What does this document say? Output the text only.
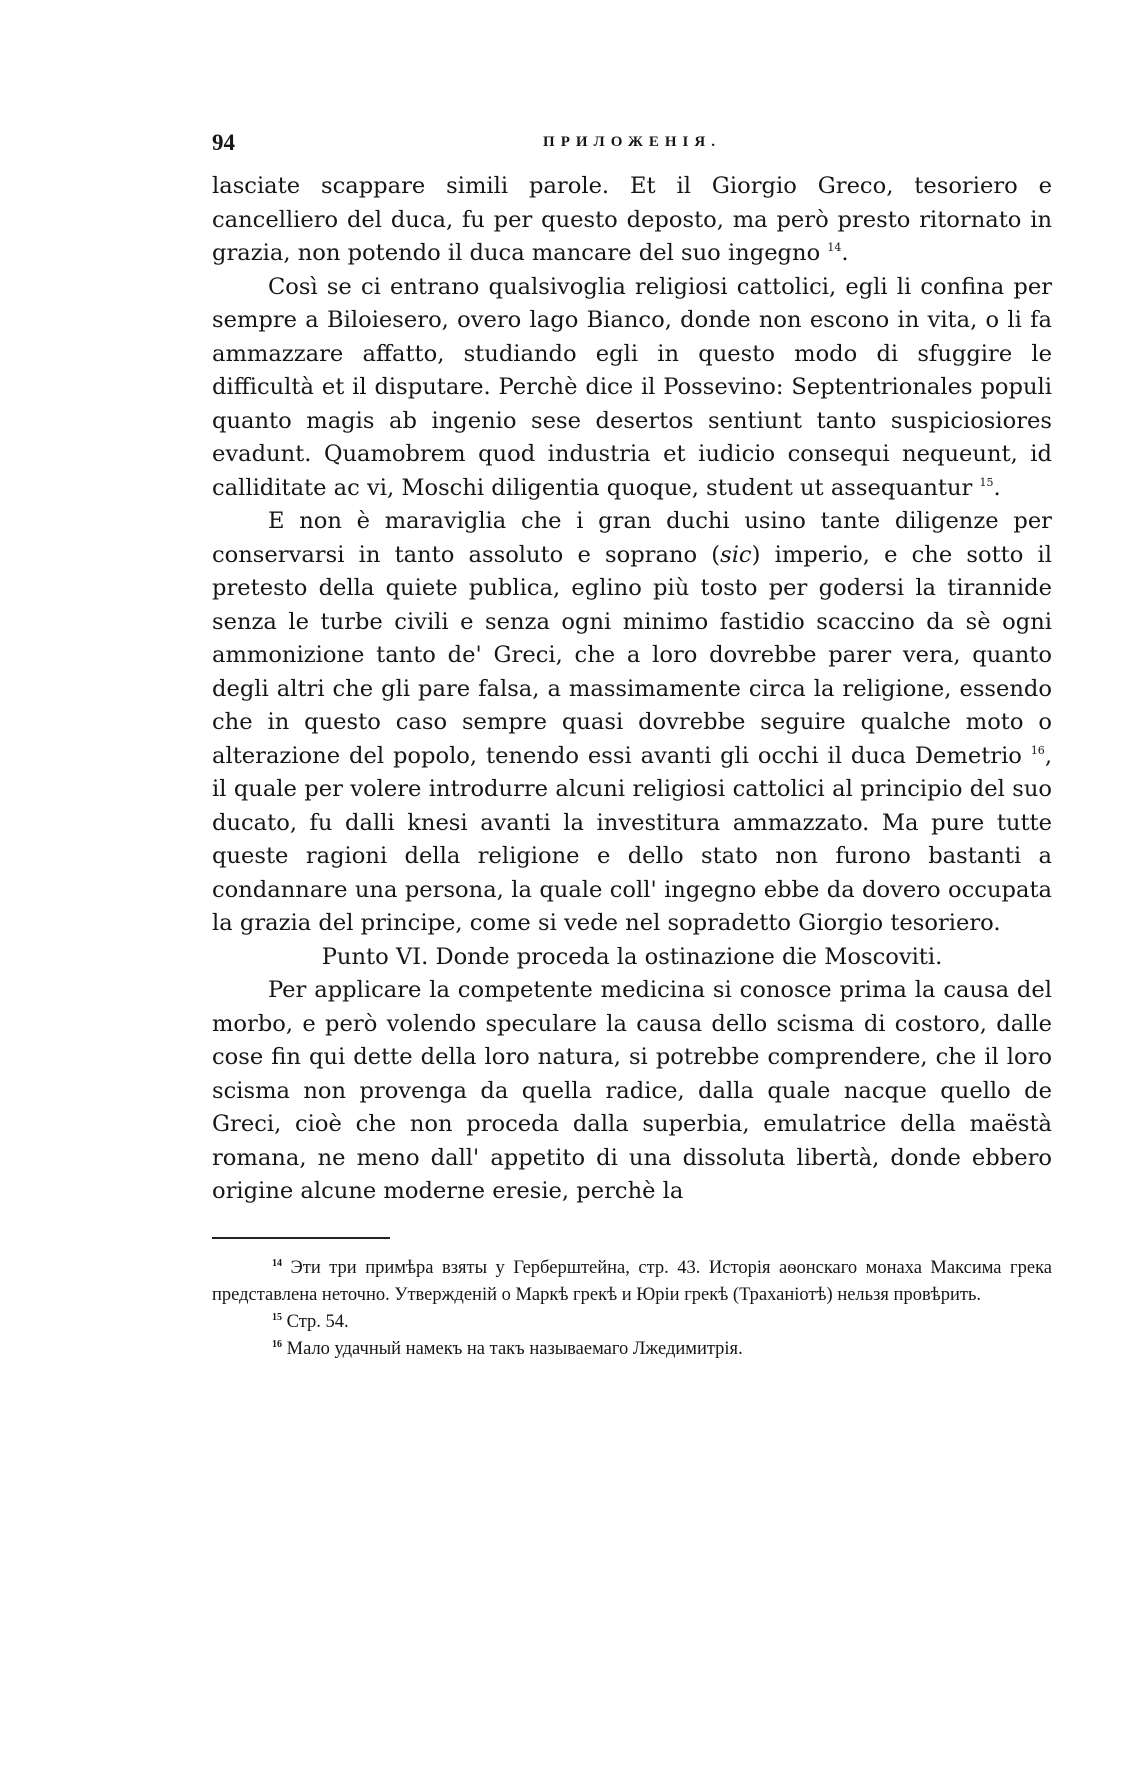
94	ПРИЛОЖЕНІЯ.

lasciate scappare simili parole. Et il Giorgio Greco, tesoriero e cancelliero del duca, fu per questo deposto, ma però presto ritornato in grazia, non potendo il duca mancare del suo ingegno $^{14}$.

Così se ci entrano qualsivoglia religiosi cattolici, egli li confina per sempre a Biloiesero, overo lago Bianco, donde non escono in vita, o li fa ammazzare affatto, studiando egli in questo modo di sfuggire le difficultà et il disputare. Perchè dice il Possevino: Septentrionales populi quanto magis ab ingenio sese desertos sentiunt tanto suspiciosiores evadunt. Quamobrem quod industria et iudicio consequi nequeunt, id calliditate ac vi, Moschi diligentia quoque, student ut assequantur $^{15}$.

E non è maraviglia che i gran duchi usino tante diligenze per conservarsi in tanto assoluto e soprano (sic) imperio, e che sotto il pretesto della quiete publica, eglino più tosto per godersi la tirannide senza le turbe civili e senza ogni minimo fastidio scaccino da sè ogni ammonizione tanto de' Greci, che a loro dovrebbe parer vera, quanto degli altri che gli pare falsa, a massimamente circa la religione, essendo che in questo caso sempre quasi dovrebbe seguire qualche moto o alterazione del popolo, tenendo essi avanti gli occhi il duca Demetrio $^{16}$, il quale per volere introdurre alcuni religiosi cattolici al principio del suo ducato, fu dalli knesi avanti la investitura ammazzato. Ma pure tutte queste ragioni della religione e dello stato non furono bastanti a condannare una persona, la quale coll' ingegno ebbe da dovero occupata la grazia del principe, come si vede nel sopradetto Giorgio tesoriero.

Punto VI. Donde proceda la ostinazione die Moscoviti.

Per applicare la competente medicina si conosce prima la causa del morbo, e però volendo speculare la causa dello scisma di costoro, dalle cose fin qui dette della loro natura, si potrebbe comprendere, che il loro scisma non provenga da quella radice, dalla quale nacque quello de Greci, cioè che non proceda dalla superbia, emulatrice della maëstà romana, ne meno dall' appetito di una dissoluta libertà, donde ebbero origine alcune moderne eresie, perchè la

$^{14}$ Эти три примѣра взяты у Герберштейна, стр. 43. Исторія аѳонскаго монаха Максима грека представлена неточно. Утвержденій о Маркѣ грекѣ и Юріи грекѣ (Траханіотѣ) нельзя провѣрить.

$^{15}$ Стр. 54.

$^{16}$ Мало удачный намекъ на такъ называемаго Лжедимитрія.
